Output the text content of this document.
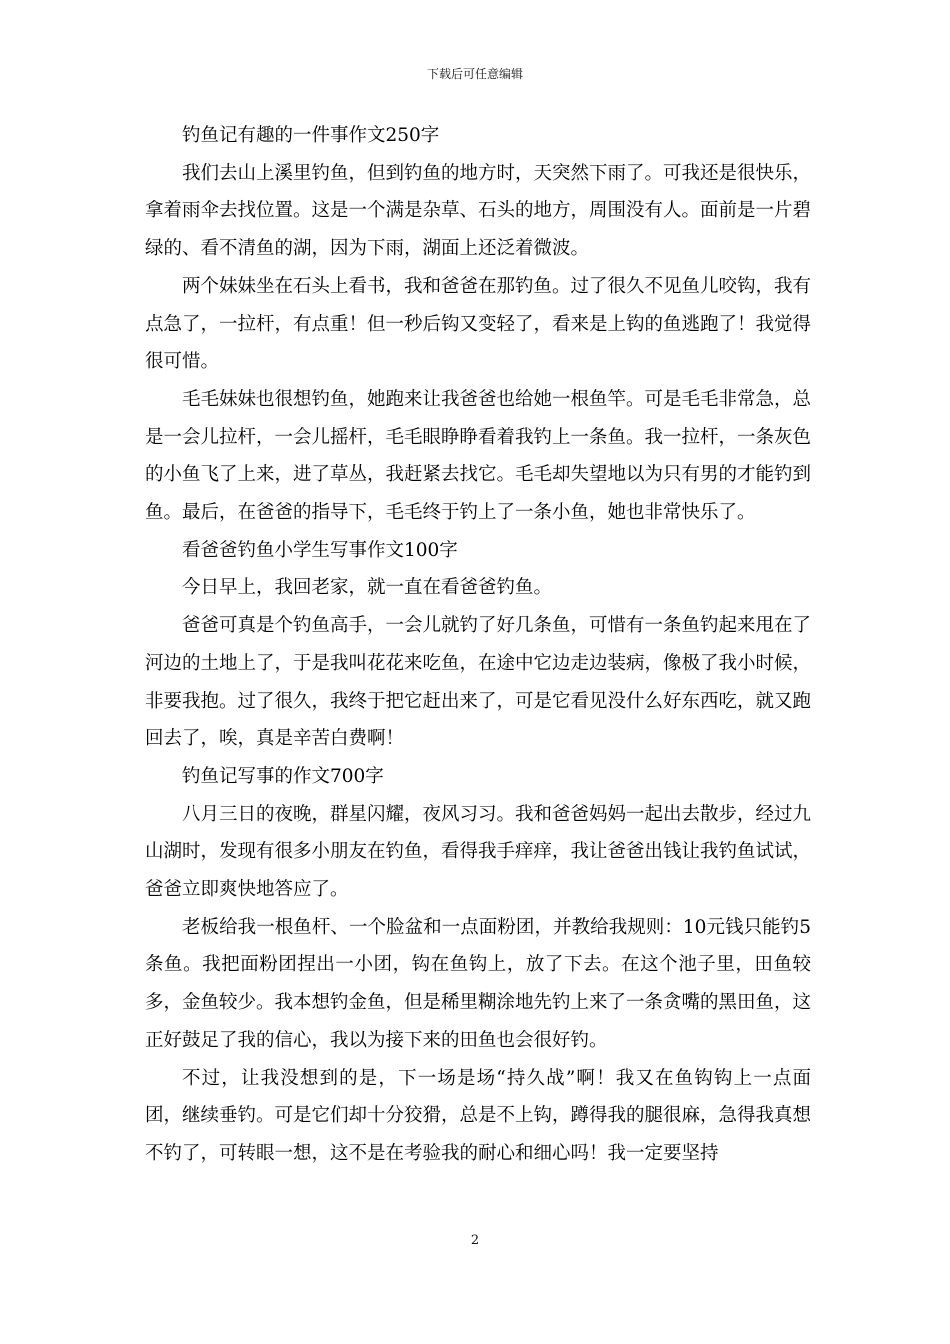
下载后可任意编辑

钓鱼记有趣的一件事作文250字

我们去山上溪里钓鱼，但到钓鱼的地方时，天突然下雨了。可我还是很快乐，拿着雨伞去找位置。这是一个满是杂草、石头的地方，周围没有人。面前是一片碧绿的、看不清鱼的湖，因为下雨，湖面上还泛着微波。

两个妹妹坐在石头上看书，我和爸爸在那钓鱼。过了很久不见鱼儿咬钩，我有点急了，一拉杆，有点重！但一秒后钩又变轻了，看来是上钩的鱼逃跑了！我觉得很可惜。

毛毛妹妹也很想钓鱼，她跑来让我爸爸也给她一根鱼竿。可是毛毛非常急，总是一会儿拉杆，一会儿摇杆，毛毛眼睁睁看着我钓上一条鱼。我一拉杆，一条灰色的小鱼飞了上来，进了草丛，我赶紧去找它。毛毛却失望地以为只有男的才能钓到鱼。最后，在爸爸的指导下，毛毛终于钓上了一条小鱼，她也非常快乐了。

看爸爸钓鱼小学生写事作文100字

今日早上，我回老家，就一直在看爸爸钓鱼。

爸爸可真是个钓鱼高手，一会儿就钓了好几条鱼，可惜有一条鱼钓起来甩在了河边的土地上了，于是我叫花花来吃鱼，在途中它边走边装病，像极了我小时候，非要我抱。过了很久，我终于把它赶出来了，可是它看见没什么好东西吃，就又跑回去了，唉，真是辛苦白费啊！

钓鱼记写事的作文700字

八月三日的夜晚，群星闪耀，夜风习习。我和爸爸妈妈一起出去散步，经过九山湖时，发现有很多小朋友在钓鱼，看得我手痒痒，我让爸爸出钱让我钓鱼试试，爸爸立即爽快地答应了。

老板给我一根鱼杆、一个脸盆和一点面粉团，并教给我规则：10元钱只能钓5条鱼。我把面粉团捏出一小团，钩在鱼钩上，放了下去。在这个池子里，田鱼较多，金鱼较少。我本想钓金鱼，但是稀里糊涂地先钓上来了一条贪嘴的黑田鱼，这正好鼓足了我的信心，我以为接下来的田鱼也会很好钓。

不过，让我没想到的是，下一场是场“持久战”啊！我又在鱼钩钩上一点面团，继续垂钓。可是它们却十分狡猾，总是不上钩，蹲得我的腿很麻，急得我真想不钓了，可转眼一想，这不是在考验我的耐心和细心吗！我一定要坚持

2
